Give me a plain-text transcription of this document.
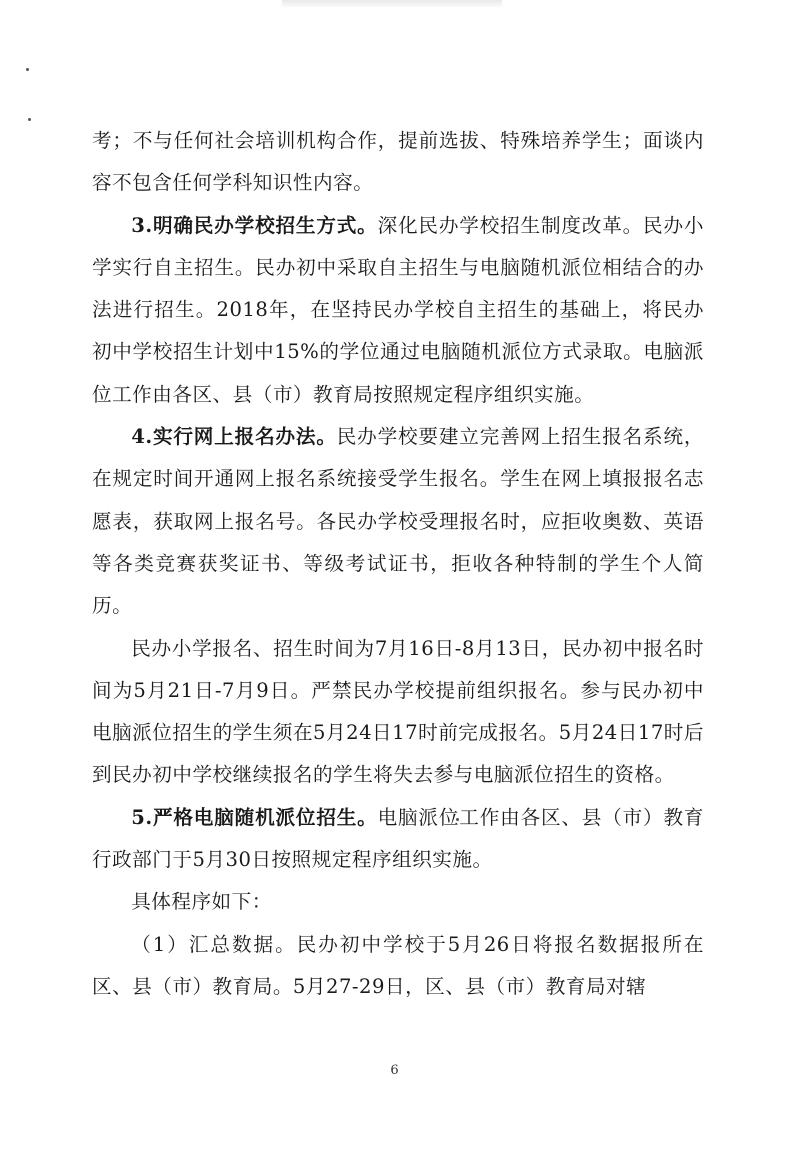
考；不与任何社会培训机构合作，提前选拔、特殊培养学生；面谈内容不包含任何学科知识性内容。

3.明确民办学校招生方式。深化民办学校招生制度改革。民办小学实行自主招生。民办初中采取自主招生与电脑随机派位相结合的办法进行招生。2018年，在坚持民办学校自主招生的基础上，将民办初中学校招生计划中15%的学位通过电脑随机派位方式录取。电脑派位工作由各区、县（市）教育局按照规定程序组织实施。

4.实行网上报名办法。民办学校要建立完善网上招生报名系统，在规定时间开通网上报名系统接受学生报名。学生在网上填报报名志愿表，获取网上报名号。各民办学校受理报名时，应拒收奥数、英语等各类竞赛获奖证书、等级考试证书，拒收各种特制的学生个人简历。

民办小学报名、招生时间为7月16日-8月13日，民办初中报名时间为5月21日-7月9日。严禁民办学校提前组织报名。参与民办初中电脑派位招生的学生须在5月24日17时前完成报名。5月24日17时后到民办初中学校继续报名的学生将失去参与电脑派位招生的资格。

5.严格电脑随机派位招生。电脑派位工作由各区、县（市）教育行政部门于5月30日按照规定程序组织实施。

具体程序如下：

（1）汇总数据。民办初中学校于5月26日将报名数据报所在区、县（市）教育局。5月27-29日，区、县（市）教育局对辖

6
